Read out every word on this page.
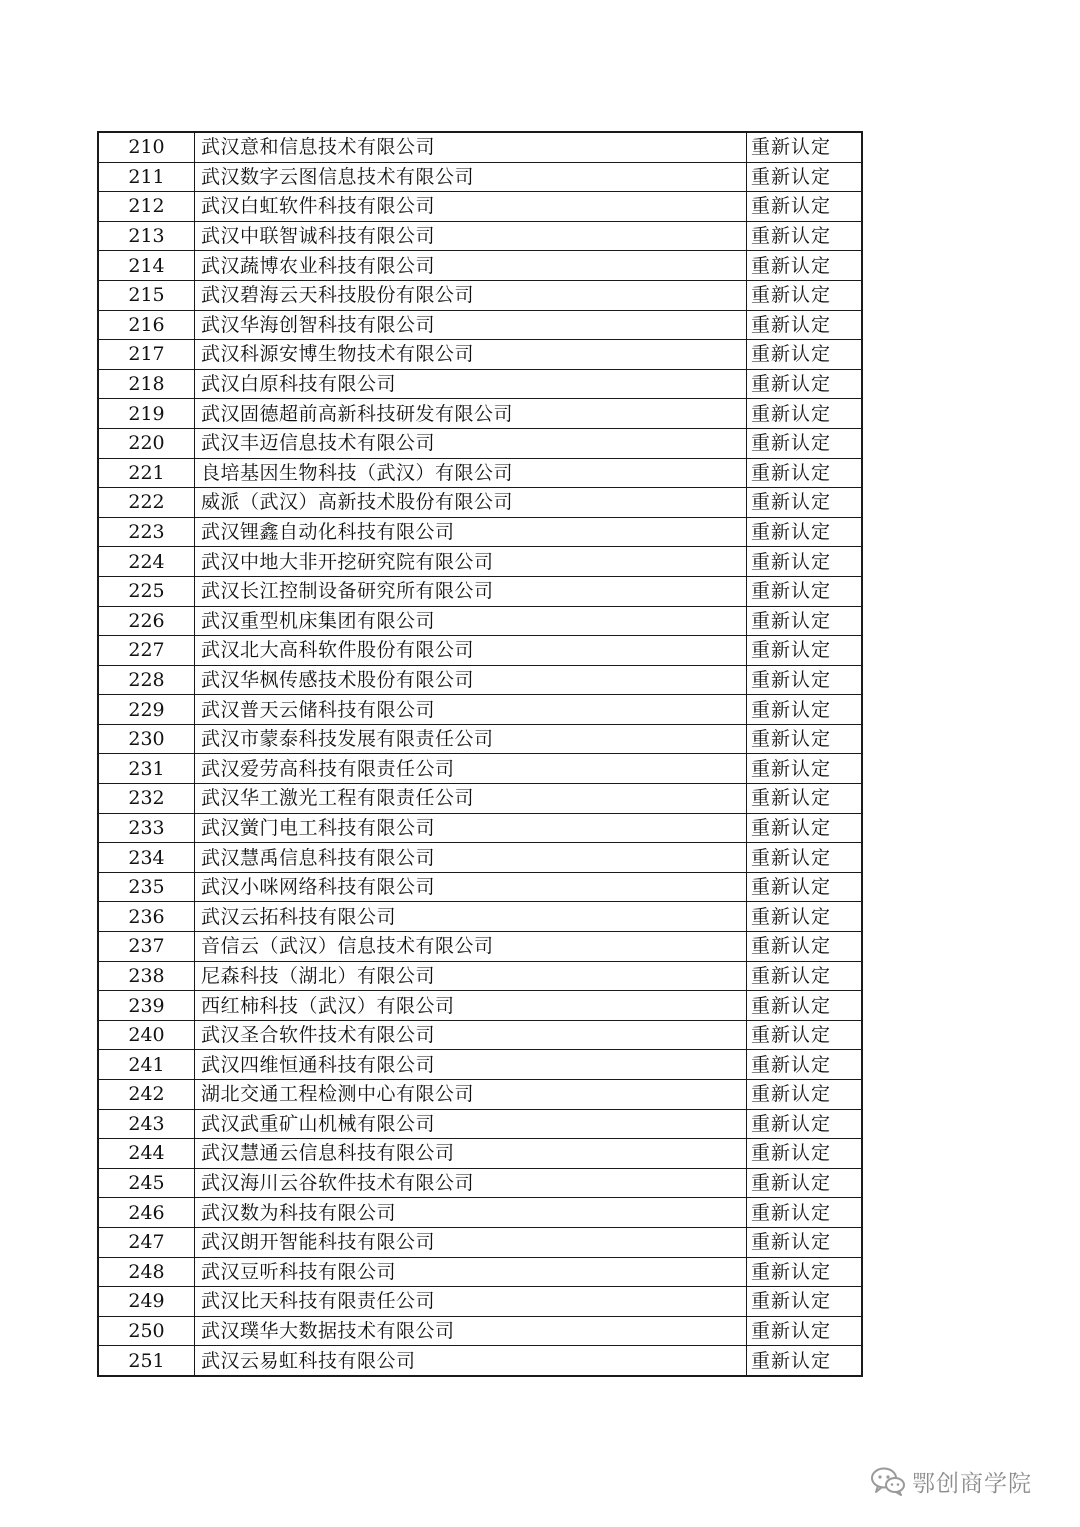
210	武汉意和信息技术有限公司	重新认定
211	武汉数字云图信息技术有限公司	重新认定
212	武汉白虹软件科技有限公司	重新认定
213	武汉中联智诚科技有限公司	重新认定
214	武汉蔬博农业科技有限公司	重新认定
215	武汉碧海云天科技股份有限公司	重新认定
216	武汉华海创智科技有限公司	重新认定
217	武汉科源安博生物技术有限公司	重新认定
218	武汉白原科技有限公司	重新认定
219	武汉固德超前高新科技研发有限公司	重新认定
220	武汉丰迈信息技术有限公司	重新认定
221	良培基因生物科技（武汉）有限公司	重新认定
222	威派（武汉）高新技术股份有限公司	重新认定
223	武汉锂鑫自动化科技有限公司	重新认定
224	武汉中地大非开挖研究院有限公司	重新认定
225	武汉长江控制设备研究所有限公司	重新认定
226	武汉重型机床集团有限公司	重新认定
227	武汉北大高科软件股份有限公司	重新认定
228	武汉华枫传感技术股份有限公司	重新认定
229	武汉普天云储科技有限公司	重新认定
230	武汉市蒙泰科技发展有限责任公司	重新认定
231	武汉爱劳高科技有限责任公司	重新认定
232	武汉华工激光工程有限责任公司	重新认定
233	武汉黉门电工科技有限公司	重新认定
234	武汉慧禹信息科技有限公司	重新认定
235	武汉小咪网络科技有限公司	重新认定
236	武汉云拓科技有限公司	重新认定
237	音信云（武汉）信息技术有限公司	重新认定
238	尼森科技（湖北）有限公司	重新认定
239	西红柿科技（武汉）有限公司	重新认定
240	武汉圣合软件技术有限公司	重新认定
241	武汉四维恒通科技有限公司	重新认定
242	湖北交通工程检测中心有限公司	重新认定
243	武汉武重矿山机械有限公司	重新认定
244	武汉慧通云信息科技有限公司	重新认定
245	武汉海川云谷软件技术有限公司	重新认定
246	武汉数为科技有限公司	重新认定
247	武汉朗开智能科技有限公司	重新认定
248	武汉豆听科技有限公司	重新认定
249	武汉比天科技有限责任公司	重新认定
250	武汉璞华大数据技术有限公司	重新认定
251	武汉云易虹科技有限公司	重新认定
鄂创商学院
